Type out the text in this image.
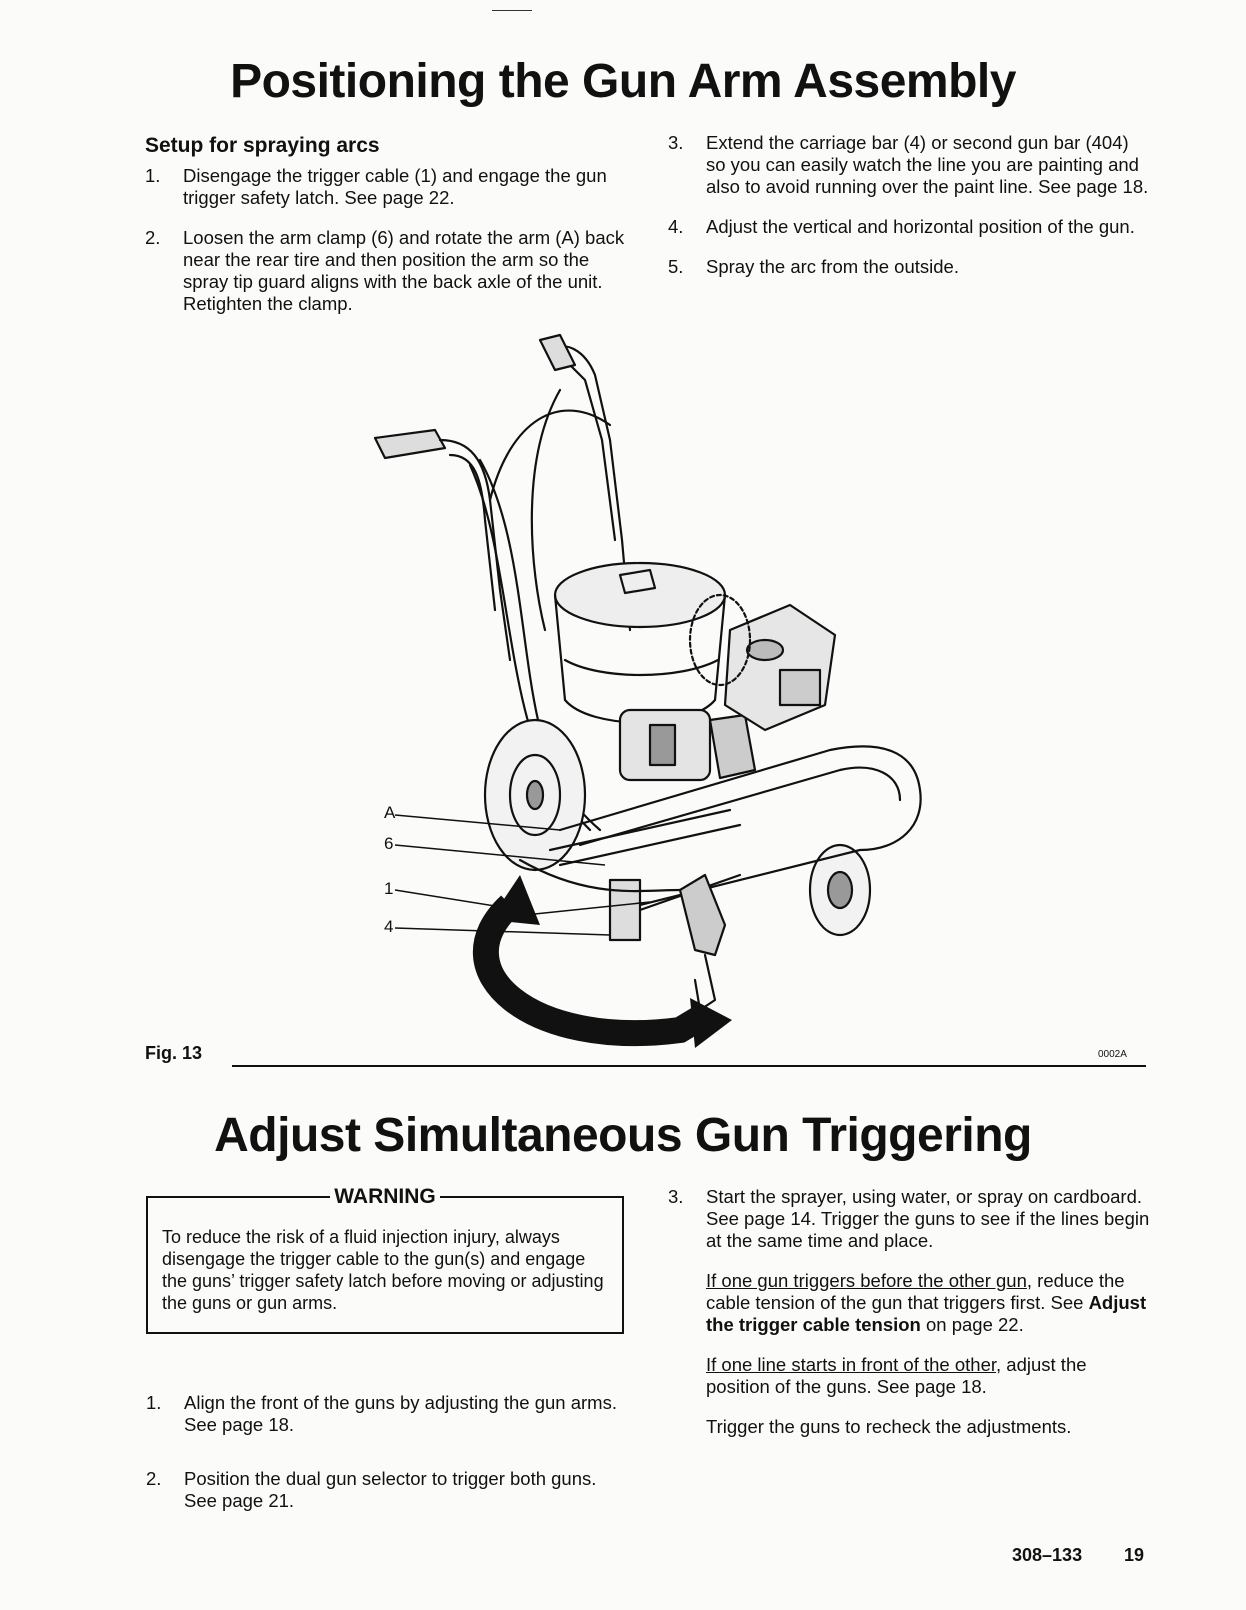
Positioning the Gun Arm Assembly
Setup for spraying arcs
1. Disengage the trigger cable (1) and engage the gun trigger safety latch. See page 22.
2. Loosen the arm clamp (6) and rotate the arm (A) back near the rear tire and then position the arm so the spray tip guard aligns with the back axle of the unit. Retighten the clamp.
3. Extend the carriage bar (4) or second gun bar (404) so you can easily watch the line you are painting and also to avoid running over the paint line. See page 18.
4. Adjust the vertical and horizontal position of the gun.
5. Spray the arc from the outside.
A
6
1
4
Fig. 13	0002A
Adjust Simultaneous Gun Triggering
WARNING
To reduce the risk of a fluid injection injury, always disengage the trigger cable to the gun(s) and engage the guns’ trigger safety latch before moving or adjusting the guns or gun arms.
1. Align the front of the guns by adjusting the gun arms. See page 18.
2. Position the dual gun selector to trigger both guns. See page 21.
3. Start the sprayer, using water, or spray on cardboard. See page 14. Trigger the guns to see if the lines begin at the same time and place.
If one gun triggers before the other gun, reduce the cable tension of the gun that triggers first. See Adjust the trigger cable tension on page 22.
If one line starts in front of the other, adjust the position of the guns. See page 18.
Trigger the guns to recheck the adjustments.
308–133 19
